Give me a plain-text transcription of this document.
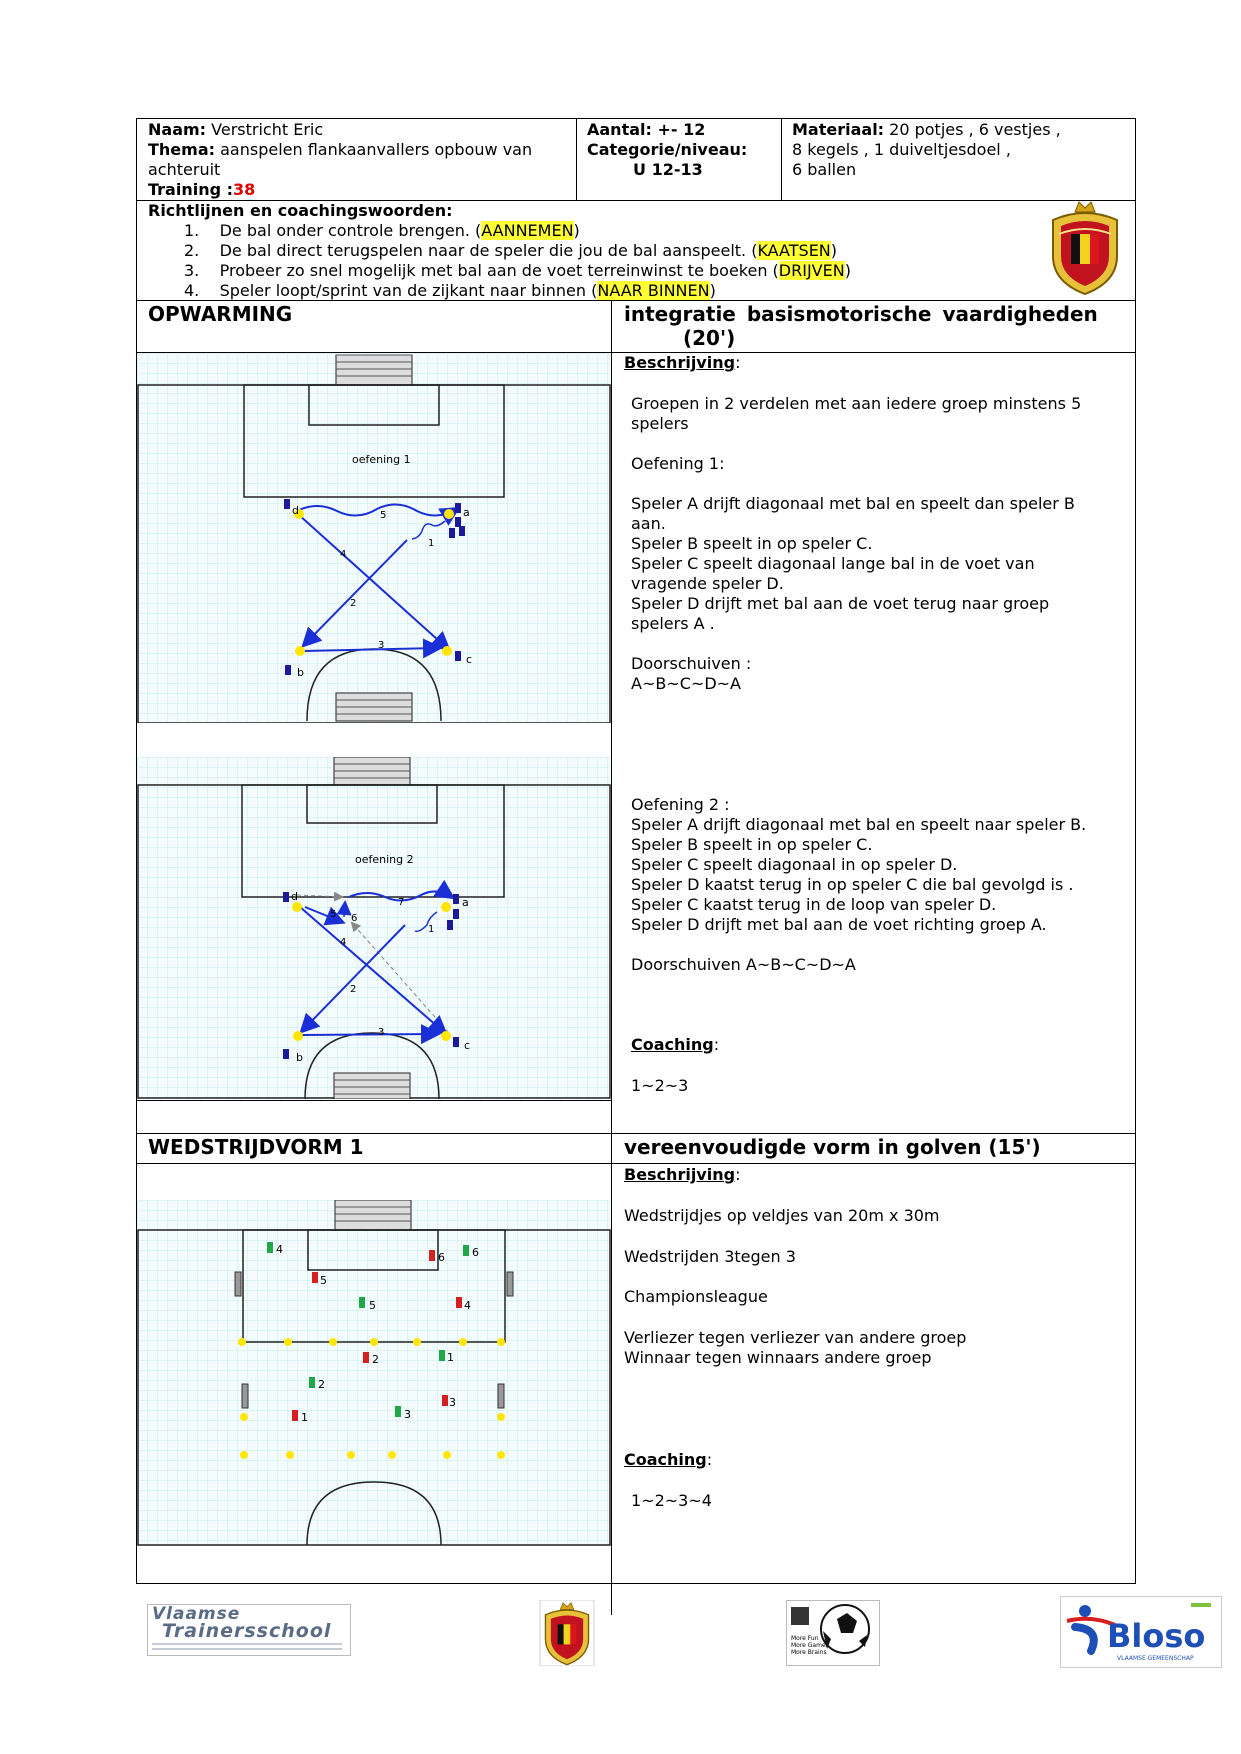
Naam: Verstricht Eric
Thema: aanspelen flankaanvallers opbouw van
achteruit
Training :38
Aantal: +- 12
Categorie/niveau:
U 12-13
Materiaal: 20 potjes , 6 vestjes ,
8 kegels , 1 duiveltjesdoel ,
6 ballen
Richtlijnen en coachingswoorden:
1. De bal onder controle brengen. (AANNEMEN)
2. De bal direct terugspelen naar de speler die jou de bal aanspeelt. (KAATSEN)
3. Probeer zo snel mogelijk met bal aan de voet terreinwinst te boeken (DRIJVEN)
4.    Speler loopt/sprint van de zijkant naar binnen (NAAR BINNEN)
OPWARMING	integratie basismotorische vaardigheden
(20')
Beschrijving:
Groepen in 2 verdelen met aan iedere groep minstens 5
spelers
Oefening 1:
Speler A drijft diagonaal met bal en speelt dan speler B
aan.
Speler B speelt in op speler C.
Speler C speelt diagonaal lange bal in de voet van
vragende speler D.
Speler D drijft met bal aan de voet terug naar groep
spelers A .
Doorschuiven :
A~B~C~D~A
Oefening 2 :
Speler A drijft diagonaal met bal en speelt naar speler B.
Speler B speelt in op speler C.
Speler C speelt diagonaal in op speler D.
Speler D kaatst terug in op speler C die bal gevolgd is .
Speler C kaatst terug in de loop van speler D.
Speler D drijft met bal aan de voet richting groep A.
Doorschuiven A~B~C~D~A
Coaching:
1~2~3
oefening 1
d	a
b
c
5
4
1
2
3
oefening 2
d	a
b
c
7
5 6
4
1
2
3
WEDSTRIJDVORM 1	vereenvoudigde vorm in golven (15')
Beschrijving:
Wedstrijdjes op veldjes van 20m x 30m
Wedstrijden 3tegen 3
Championsleague
Verliezer tegen verliezer van andere groep
Winnaar tegen winnaars andere groep
Coaching:
1~2~3~4
4	6
5
1
2
3
5
6
4
2
3
1
Vlaamse
Trainersschool	More Fun
More Games
More Brains	Bloso
VLAAMSE GEMEENSCHAP
